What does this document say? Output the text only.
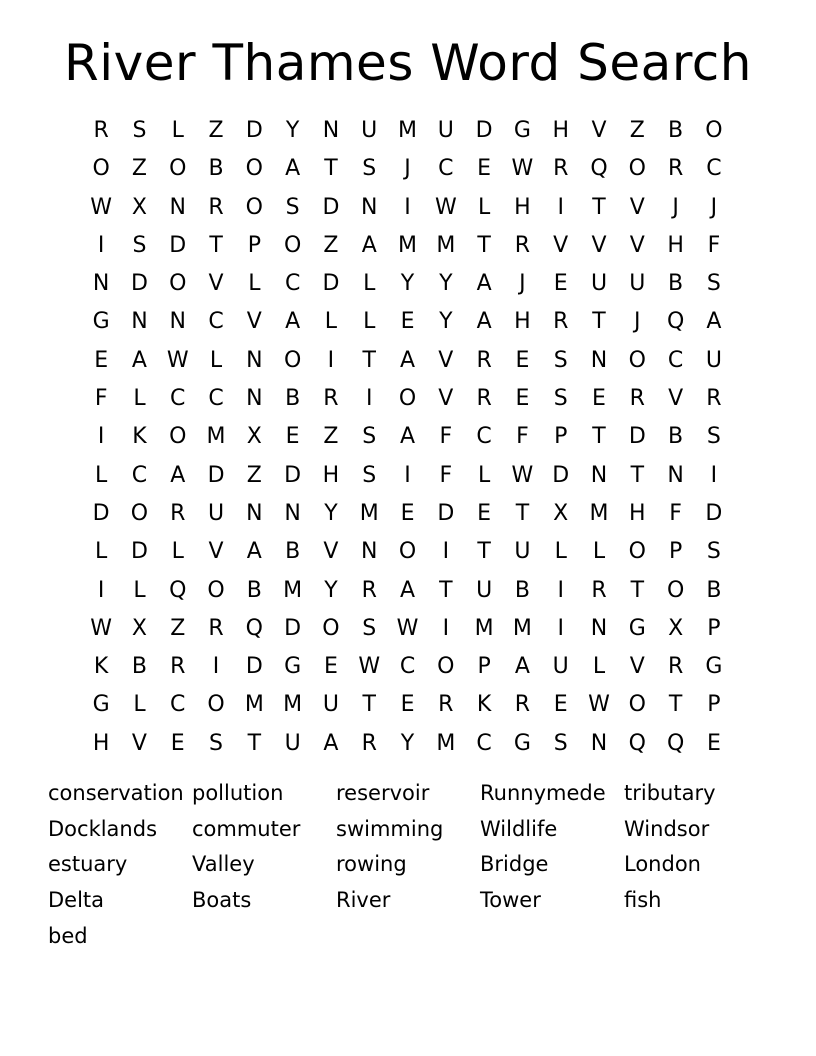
River Thames Word Search
R	S	L	Z	D	Y	N	U M U D G H	V	Z	B	O
O	Z	O	B	O	A	T	S	J	C	E W R Q O R	C
W X	N	R O	S	D N	I	W L	H	I	T	V	J	J
I	S	D	T	P	O	Z	A M M	T	R	V	V	V	H	F
N D O	V	L	C	D	L	Y	Y	A	J	E	U	U	B	S
G N N	C	V	A	L	L	E	Y	A	H	R	T	J	Q	A
E	A W L	N O	I	T	A	V	R	E	S	N O C	U
F	L	C	C	N	B	R	I	O	V	R	E	S	E	R	V	R
I	K	O M X	E	Z	S	A	F	C	F	P	T	D	B	S
L	C	A	D	Z	D H	S	I	F	L W D N	T	N	I
D O R	U	N N	Y	M E	D	E	T	X M H	F	D
L	D	L	V	A	B	V	N O	I	T	U	L	L	O	P	S
I	L	Q O	B M	Y	R	A	T	U	B	I	R	T	O	B
W X	Z	R Q D O	S W	I	M M	I	N G	X	P
K	B	R	I	D G	E W C O	P	A	U	L	V	R	G
G	L	C O M M U	T	E	R	K	R	E W O	T	P
H	V	E	S	T	U	A	R	Y	M C	G	S	N Q Q	E
conservation pollution	reservoir	Runnymede tributary
Docklands	commuter	swimming	Wildlife	Windsor
estuary	Valley	rowing	Bridge	London
Delta	Boats	River	Tower	fish
bed
